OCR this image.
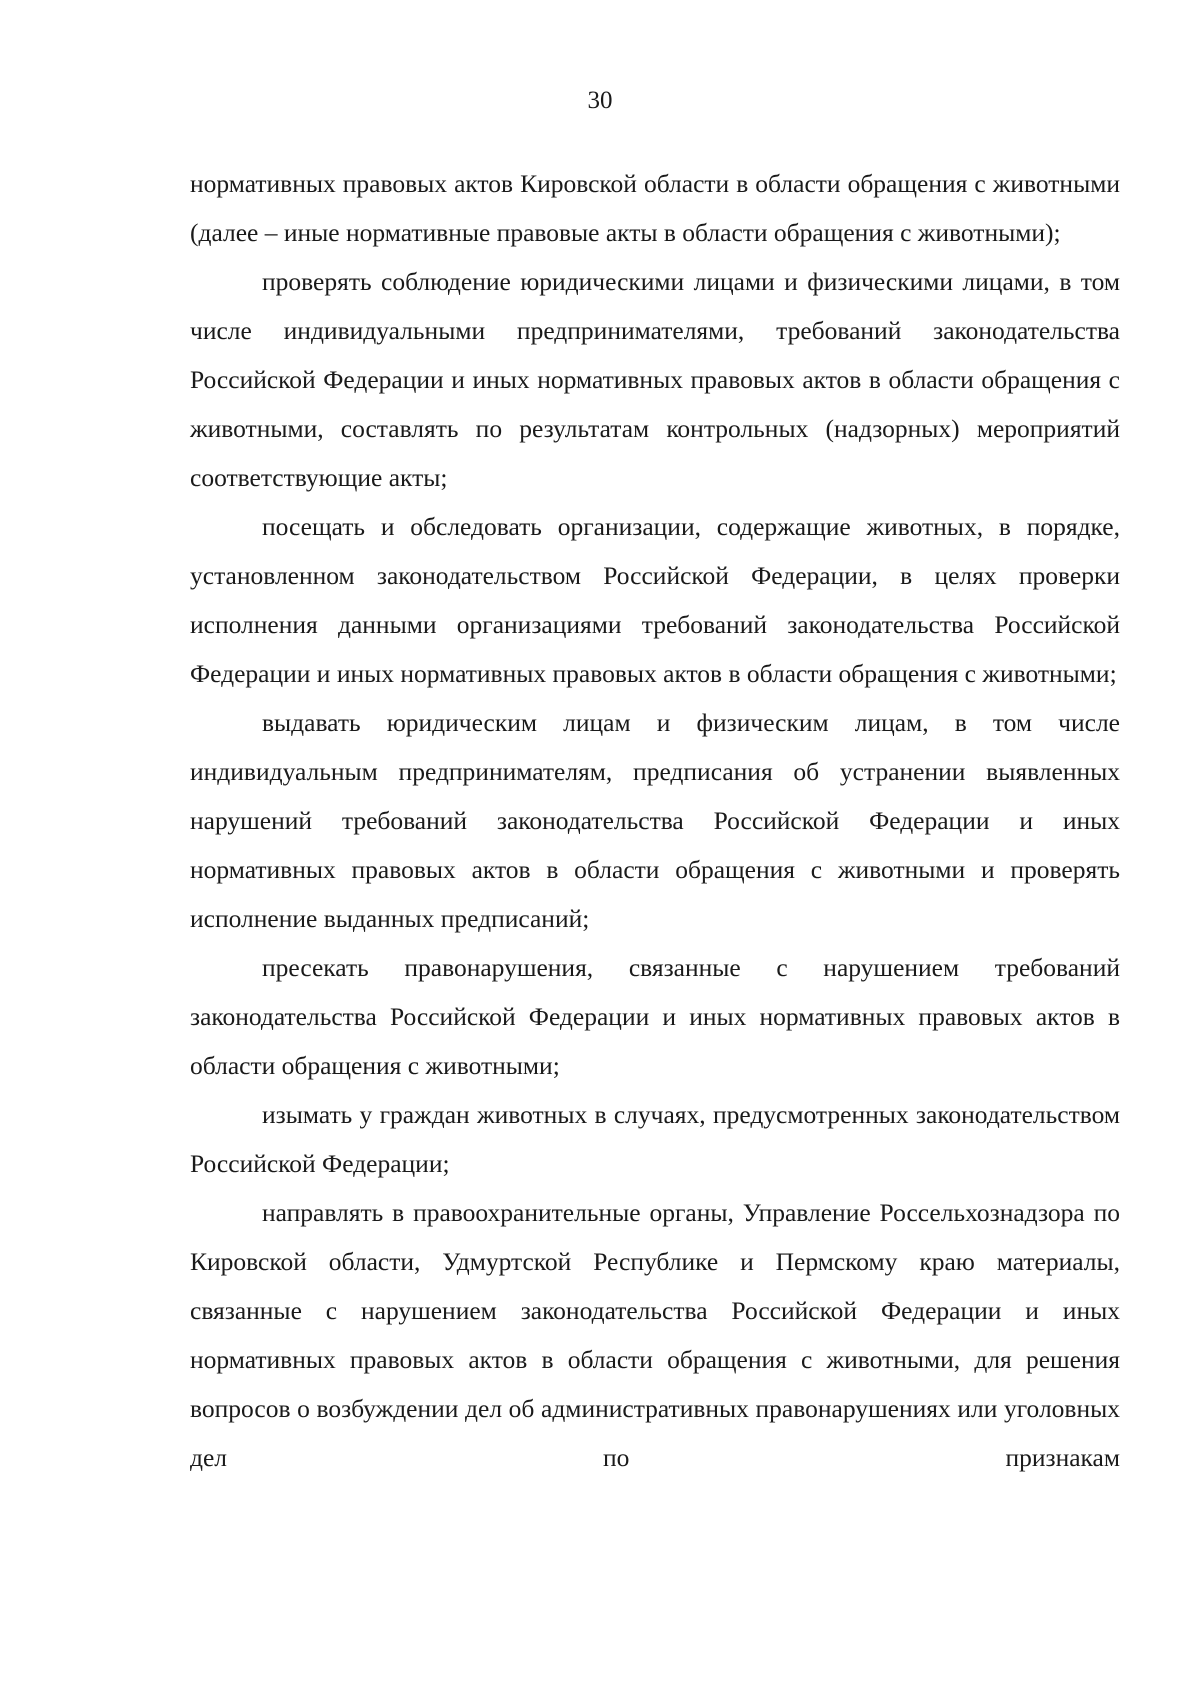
30

нормативных правовых актов Кировской области в области обращения с животными (далее – иные нормативные правовые акты в области обращения с животными);

проверять соблюдение юридическими лицами и физическими лицами, в том числе индивидуальными предпринимателями, требований законодательства Российской Федерации и иных нормативных правовых актов в области обращения с животными, составлять по результатам контрольных (надзорных) мероприятий соответствующие акты;

посещать и обследовать организации, содержащие животных, в порядке, установленном законодательством Российской Федерации, в целях проверки исполнения данными организациями требований законодательства Российской Федерации и иных нормативных правовых актов в области обращения с животными;

выдавать юридическим лицам и физическим лицам, в том числе индивидуальным предпринимателям, предписания об устранении выявленных нарушений требований законодательства Российской Федерации и иных нормативных правовых актов в области обращения с животными и проверять исполнение выданных предписаний;

пресекать правонарушения, связанные с нарушением требований законодательства Российской Федерации и иных нормативных правовых актов в области обращения с животными;

изымать у граждан животных в случаях, предусмотренных законодательством Российской Федерации;

направлять в правоохранительные органы, Управление Россельхознадзора по Кировской области, Удмуртской Республике и Пермскому краю материалы, связанные с нарушением законодательства Российской Федерации и иных нормативных правовых актов в области обращения с животными, для решения вопросов о возбуждении дел об административных правонарушениях или уголовных дел по признакам
